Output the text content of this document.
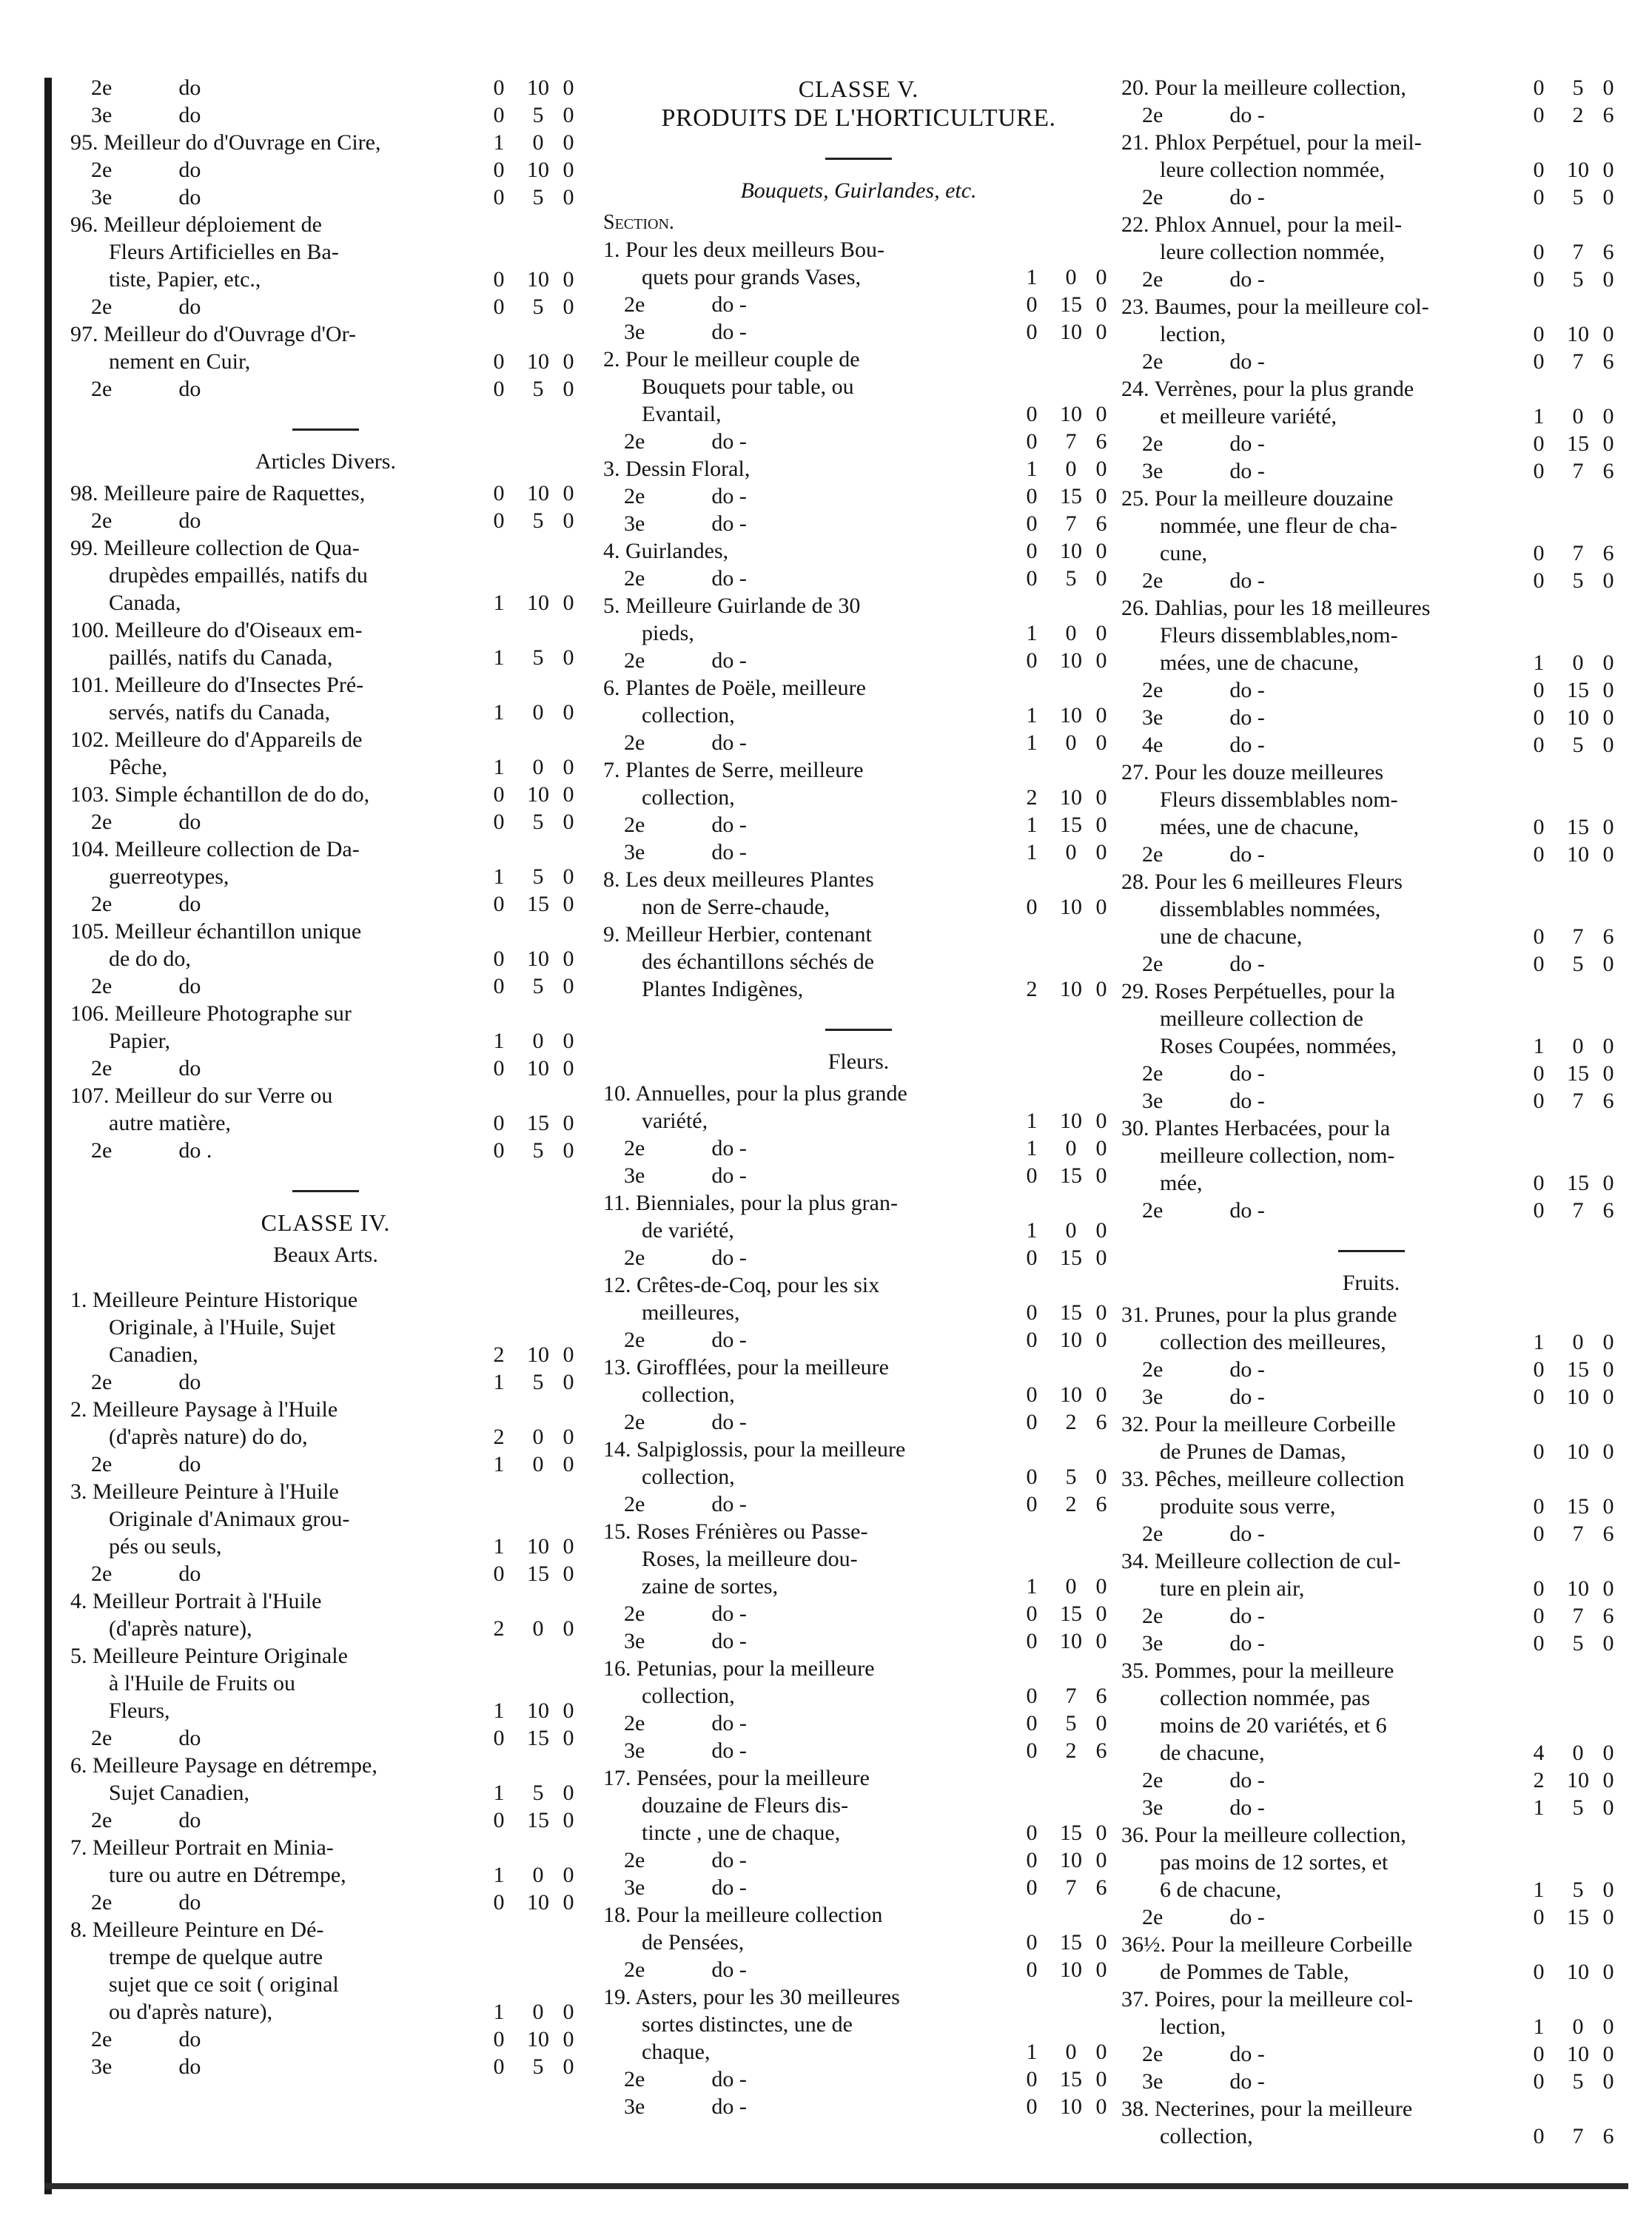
2e	do	0	10 0
3e	do	0	5 0
95. Meilleur do d'Ouvrage en Cire,	1	0 0
2e	do	0	10 0
3e	do	0	5 0
96. Meilleur déploiement de
Fleurs Artificielles en Ba-
tiste, Papier, etc.,	0	10 0
2e	do	0	5 0
97. Meilleur do d'Ouvrage d'Or-
nement en Cuir,	0	10 0
2e	do	0	5 0
Articles Divers.
98. Meilleure paire de Raquettes,	0	10 0
2e	do	0	5 0
99. Meilleure collection de Qua-
drupèdes empaillés, natifs du
Canada,	1	10 0
100. Meilleure do d'Oiseaux em-
paillés, natifs du Canada,	1	5 0
101. Meilleure do d'Insectes Pré-
servés, natifs du Canada,	1	0 0
102. Meilleure do d'Appareils de
Pêche,	1	0 0
103. Simple échantillon de do do,	0	10 0
2e	do	0	5 0
104. Meilleure collection de Da-
guerreotypes,	1	5 0
2e	do	0	15 0
105. Meilleur échantillon unique
de do do,	0	10 0
2e	do	0	5 0
106. Meilleure Photographe sur
Papier,	1	0 0
2e	do	0	10 0
107. Meilleur do sur Verre ou
autre matière,	0	15 0
2e	do .	0	5 0
CLASSE IV.
Beaux Arts.
1. Meilleure Peinture Historique
Originale, à l'Huile, Sujet
Canadien,	2	10 0
2e	do	1	5 0
2. Meilleure Paysage à l'Huile
(d'après nature) do do,	2	0 0
2e	do	1	0 0
3. Meilleure Peinture à l'Huile
Originale d'Animaux grou-
pés ou seuls,	1	10 0
2e	do	0	15 0
4. Meilleur Portrait à l'Huile
(d'après nature),	2	0 0
5. Meilleure Peinture Originale
à l'Huile de Fruits ou
Fleurs,	1	10 0
2e	do	0	15 0
6. Meilleure Paysage en détrempe,
Sujet Canadien,	1	5 0
2e	do	0	15 0
7. Meilleur Portrait en Minia-
ture ou autre en Détrempe,	1	0 0
2e	do	0	10 0
8. Meilleure Peinture en Dé-
trempe de quelque autre
sujet que ce soit ( original
ou d'après nature),	1	0 0
2e	do	0	10 0
3e	do	0	5 0
CLASSE V.
PRODUITS DE L'HORTICULTURE.
Bouquets, Guirlandes, etc.
Section.
1. Pour les deux meilleurs Bou-
quets pour grands Vases,	1	0 0
2e	do -	0	15 0
3e	do -	0	10 0
2. Pour le meilleur couple de
Bouquets pour table, ou
Evantail,	0	10 0
2e	do -	0	7 6
3. Dessin Floral,	1	0 0
2e	do -	0	15 0
3e	do -	0	7 6
4. Guirlandes,	0	10 0
2e	do -	0	5 0
5. Meilleure Guirlande de 30
pieds,	1	0 0
2e	do -	0	10 0
6. Plantes de Poële, meilleure
collection,	1	10 0
2e	do -	1	0 0
7. Plantes de Serre, meilleure
collection,	2	10 0
2e	do -	1	15 0
3e	do -	1	0 0
8. Les deux meilleures Plantes
non de Serre-chaude,	0	10 0
9. Meilleur Herbier, contenant
des échantillons séchés de
Plantes Indigènes,	2	10 0
Fleurs.
10. Annuelles, pour la plus grande
variété,	1	10 0
2e	do -	1	0 0
3e	do -	0	15 0
11. Bienniales, pour la plus gran-
de variété,	1	0 0
2e	do -	0	15 0
12. Crêtes-de-Coq, pour les six
meilleures,	0	15 0
2e	do -	0	10 0
13. Girofflées, pour la meilleure
collection,	0	10 0
2e	do -	0	2 6
14. Salpiglossis, pour la meilleure
collection,	0	5 0
2e	do -	0	2 6
15. Roses Frénières ou Passe-
Roses, la meilleure dou-
zaine de sortes,	1	0 0
2e	do -	0	15 0
3e	do -	0	10 0
16. Petunias, pour la meilleure
collection,	0	7 6
2e	do -	0	5 0
3e	do -	0	2 6
17. Pensées, pour la meilleure
douzaine de Fleurs dis-
tincte , une de chaque,	0	15 0
2e	do -	0	10 0
3e	do -	0	7 6
18. Pour la meilleure collection
de Pensées,	0	15 0
2e	do -	0	10 0
19. Asters, pour les 30 meilleures
sortes distinctes, une de
chaque,	1	0 0
2e	do -	0	15 0
3e	do -	0	10 0
20. Pour la meilleure collection,	0	5 0
2e	do -	0	2 6
21. Phlox Perpétuel, pour la meil-
leure collection nommée,	0	10 0
2e	do -	0	5 0
22. Phlox Annuel, pour la meil-
leure collection nommée,	0	7 6
2e	do -	0	5 0
23. Baumes, pour la meilleure col-
lection,	0	10 0
2e	do -	0	7 6
24. Verrènes, pour la plus grande
et meilleure variété,	1	0 0
2e	do -	0	15 0
3e	do -	0	7 6
25. Pour la meilleure douzaine
nommée, une fleur de cha-
cune,	0	7 6
2e	do -	0	5 0
26. Dahlias, pour les 18 meilleures
Fleurs dissemblables,nom-
mées, une de chacune,	1	0 0
2e	do -	0	15 0
3e	do -	0	10 0
4e	do -	0	5 0
27. Pour les douze meilleures
Fleurs dissemblables nom-
mées, une de chacune,	0	15 0
2e	do -	0	10 0
28. Pour les 6 meilleures Fleurs
dissemblables nommées,
une de chacune,	0	7 6
2e	do -	0	5 0
29. Roses Perpétuelles, pour la
meilleure collection de
Roses Coupées, nommées,	1	0 0
2e	do -	0	15 0
3e	do -	0	7 6
30. Plantes Herbacées, pour la
meilleure collection, nom-
mée,	0	15 0
2e	do -	0	7 6
Fruits.
31. Prunes, pour la plus grande
collection des meilleures,	1	0 0
2e	do -	0	15 0
3e	do -	0	10 0
32. Pour la meilleure Corbeille
de Prunes de Damas,	0	10 0
33. Pêches, meilleure collection
produite sous verre,	0	15 0
2e	do -	0	7 6
34. Meilleure collection de cul-
ture en plein air,	0	10 0
2e	do -	0	7 6
3e	do -	0	5 0
35. Pommes, pour la meilleure
collection nommée, pas
moins de 20 variétés, et 6
de chacune,	4	0 0
2e	do -	2	10 0
3e	do -	1	5 0
36. Pour la meilleure collection,
pas moins de 12 sortes, et
6 de chacune,	1	5 0
2e	do -	0	15 0
36½. Pour la meilleure Corbeille
de Pommes de Table,	0	10 0
37. Poires, pour la meilleure col-
lection,	1	0 0
2e	do -	0	10 0
3e	do -	0	5 0
38. Necterines, pour la meilleure
collection,	0	7 6
